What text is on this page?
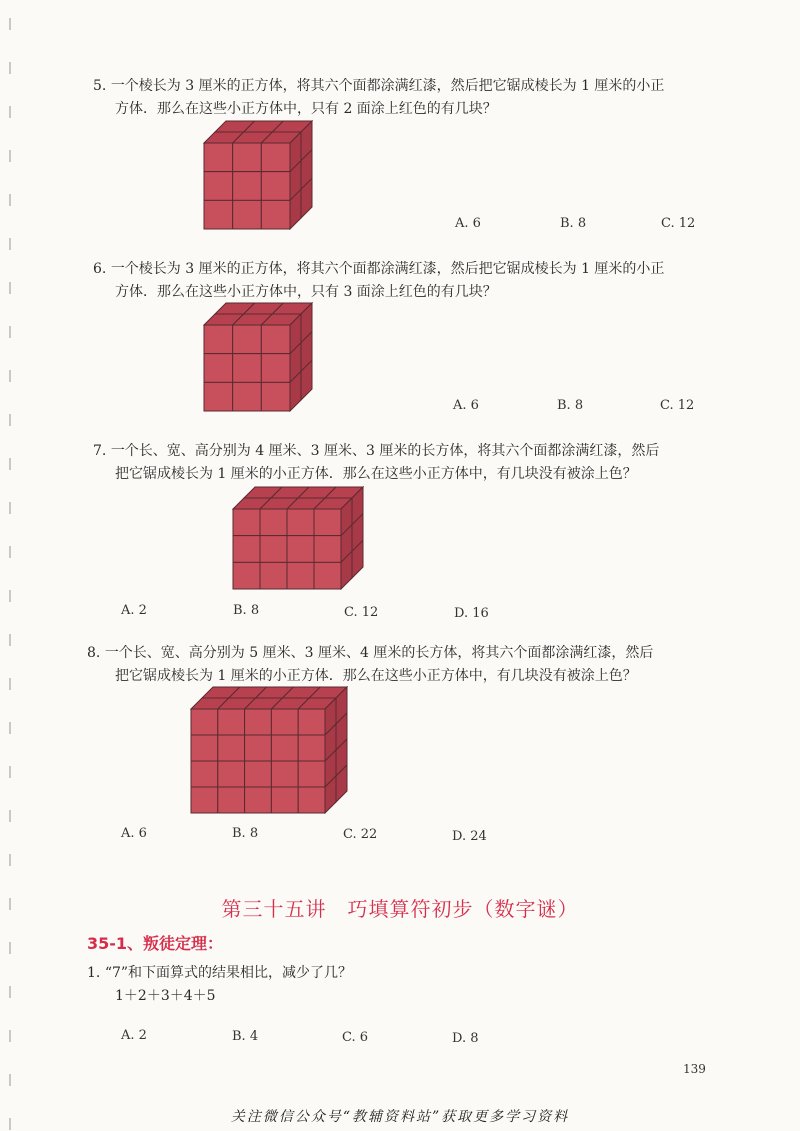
5. 一个棱长为 3 厘米的正方体，将其六个面都涂满红漆，然后把它锯成棱长为 1 厘米的小正
方体．那么在这些小正方体中，只有 2 面涂上红色的有几块？
A. 6	B. 8	C. 12
6. 一个棱长为 3 厘米的正方体，将其六个面都涂满红漆，然后把它锯成棱长为 1 厘米的小正
方体．那么在这些小正方体中，只有 3 面涂上红色的有几块？
A. 6	B. 8	C. 12
7. 一个长、宽、高分别为 4 厘米、3 厘米、3 厘米的长方体，将其六个面都涂满红漆，然后
把它锯成棱长为 1 厘米的小正方体．那么在这些小正方体中，有几块没有被涂上色？
A. 2	B. 8	C. 12	D. 16
8. 一个长、宽、高分别为 5 厘米、3 厘米、4 厘米的长方体，将其六个面都涂满红漆，然后
把它锯成棱长为 1 厘米的小正方体．那么在这些小正方体中，有几块没有被涂上色？
A. 6	B. 8	C. 22	D. 24
第三十五讲　巧填算符初步（数字谜）
35-1、叛徒定理：
1. “7”和下面算式的结果相比，减少了几？
1＋2＋3＋4＋5
A. 2	B. 4	C. 6	D. 8
139
关注微信公众号“教辅资料站”获取更多学习资料
